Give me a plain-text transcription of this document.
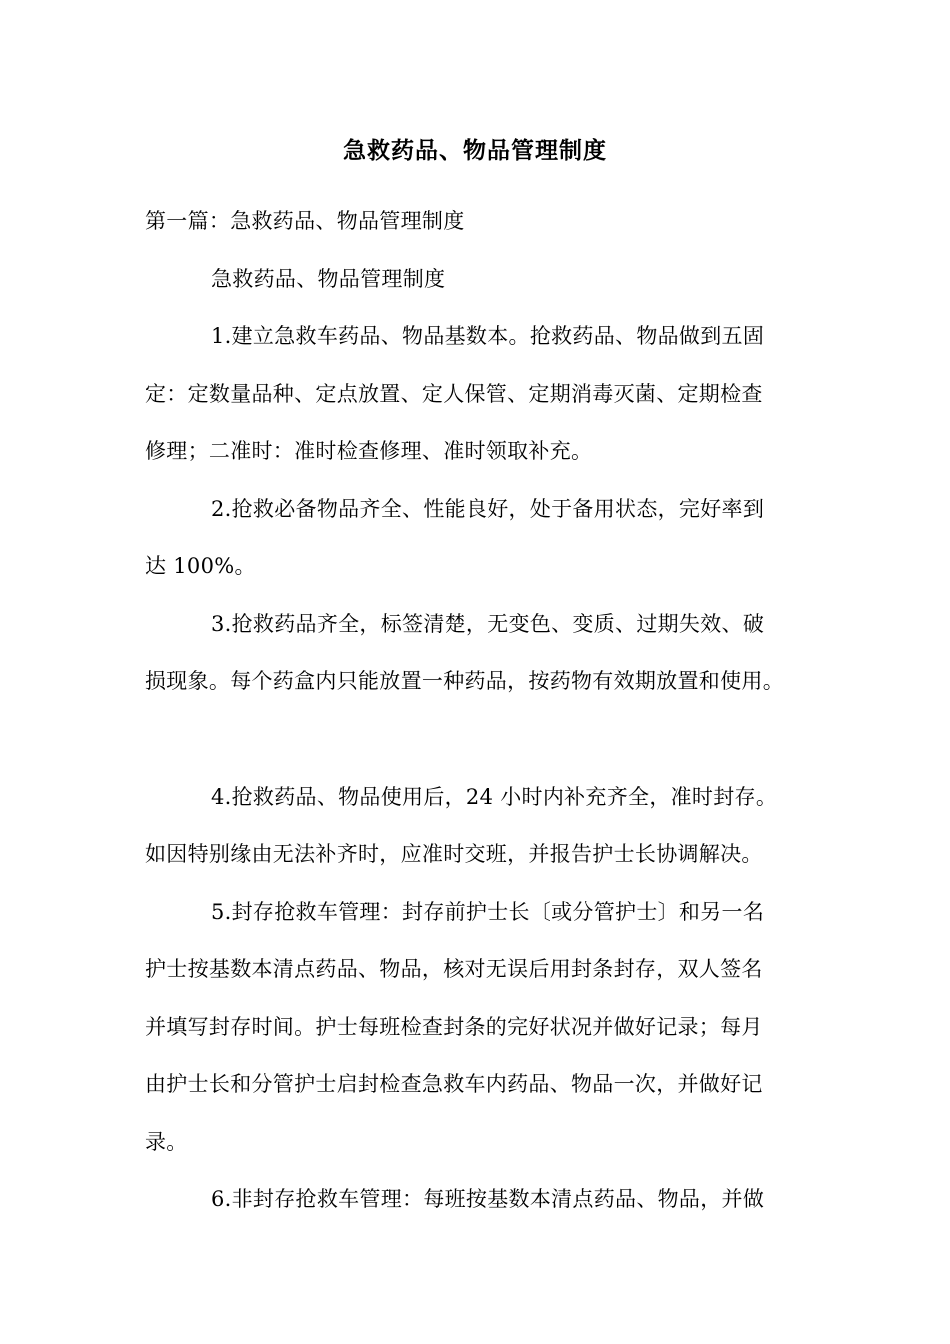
急救药品、物品管理制度
第一篇：急救药品、物品管理制度
急救药品、物品管理制度
1.建立急救车药品、物品基数本。抢救药品、物品做到五固
定：定数量品种、定点放置、定人保管、定期消毒灭菌、定期检查
修理；二准时：准时检查修理、准时领取补充。
2.抢救必备物品齐全、性能良好，处于备用状态，完好率到
达 100%。
3.抢救药品齐全，标签清楚，无变色、变质、过期失效、破
损现象。每个药盒内只能放置一种药品，按药物有效期放置和使用。
4.抢救药品、物品使用后，24 小时内补充齐全，准时封存。
如因特别缘由无法补齐时，应准时交班，并报告护士长协调解决。
5.封存抢救车管理：封存前护士长〔或分管护士〕和另一名
护士按基数本清点药品、物品，核对无误后用封条封存，双人签名
并填写封存时间。护士每班检查封条的完好状况并做好记录；每月
由护士长和分管护士启封检查急救车内药品、物品一次，并做好记
录。
6.非封存抢救车管理：每班按基数本清点药品、物品，并做
